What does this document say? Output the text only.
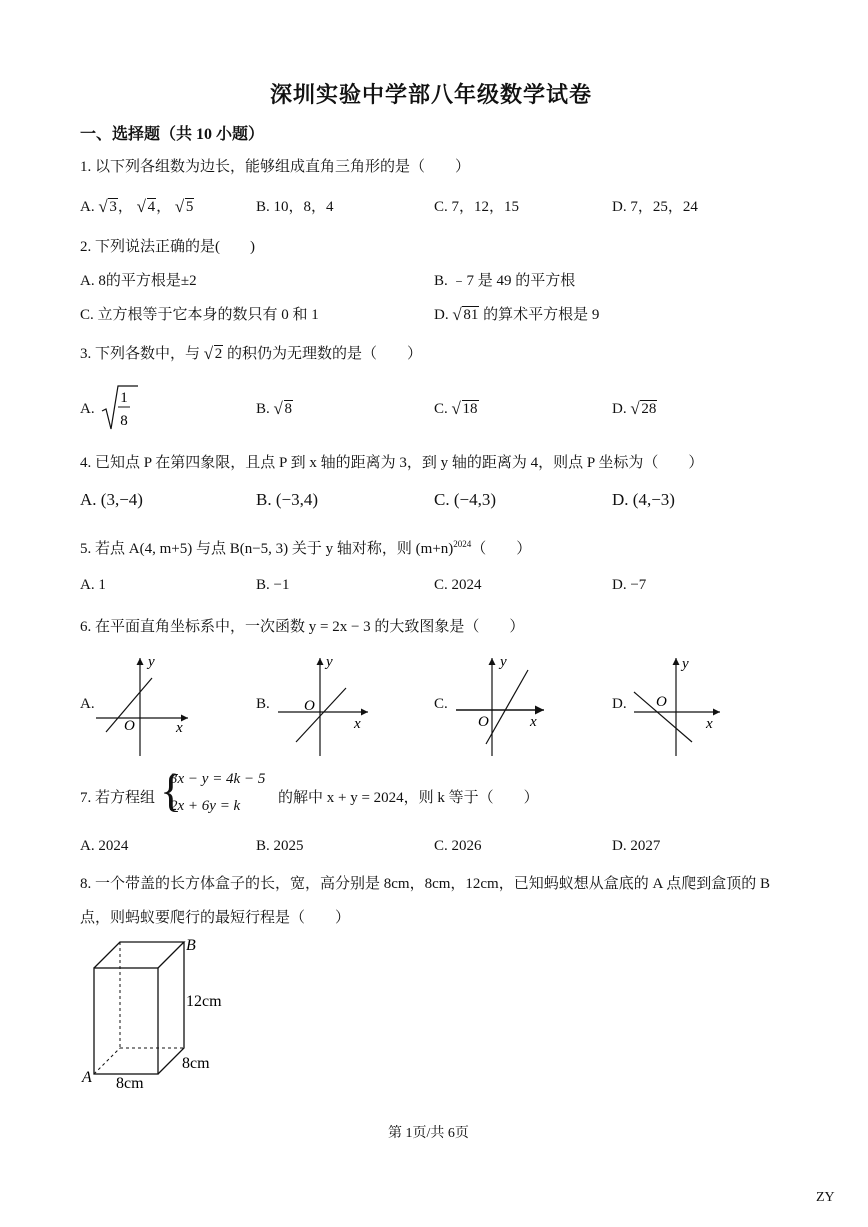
深圳实验中学部八年级数学试卷
一、选择题（共 10 小题）
1. 以下列各组数为边长，能够组成直角三角形的是（　　）
A. √ 3， √ 4， √ 5	B. 10，8，4	C. 7，12，15	D. 7，25，24
2. 下列说法正确的是(　　)
A. 8的平方根是±2	B. ﹣7 是 49 的平方根
C. 立方根等于它本身的数只有 0 和 1	D. √ 81 的算术平方根是 9
3. 下列各数中，与 √ 2 的积仍为无理数的是（　　）
A.
1
8
B. √ 8	C. √ 18	D. √ 28
4. 已知点 P 在第四象限，且点 P 到 x 轴的距离为 3，到 y 轴的距离为 4，则点 P 坐标为（　　）
A. (3,−4)	B. (−3,4)	C. (−4,3)	D. (4,−3)
5. 若点 A(4, m+5) 与点 B(n−5, 3) 关于 y 轴对称，则 $(m+n)^{2024}$（　　）
A. 1	B. −1	C. 2024	D. −7
6. 在平面直角坐标系中，一次函数 y = 2x − 3 的大致图象是（　　）
A.
y
x
O
B.
y
x
O	C.
y
x
O
D.
y
x
O
7. 若方程组 {
3x − y = 4k − 5
2x + 6y = k	的解中 x + y = 2024，则 k 等于（　　）
A. 2024	B. 2025	C. 2026	D. 2027
8. 一个带盖的长方体盒子的长，宽，高分别是 8cm，8cm，12cm，已知蚂蚁想从盒底的 A 点爬到盒顶的 B
点，则蚂蚁要爬行的最短行程是（　　）
A
B
12cm
8cm
8cm
第 1页/共 6页
ZY
